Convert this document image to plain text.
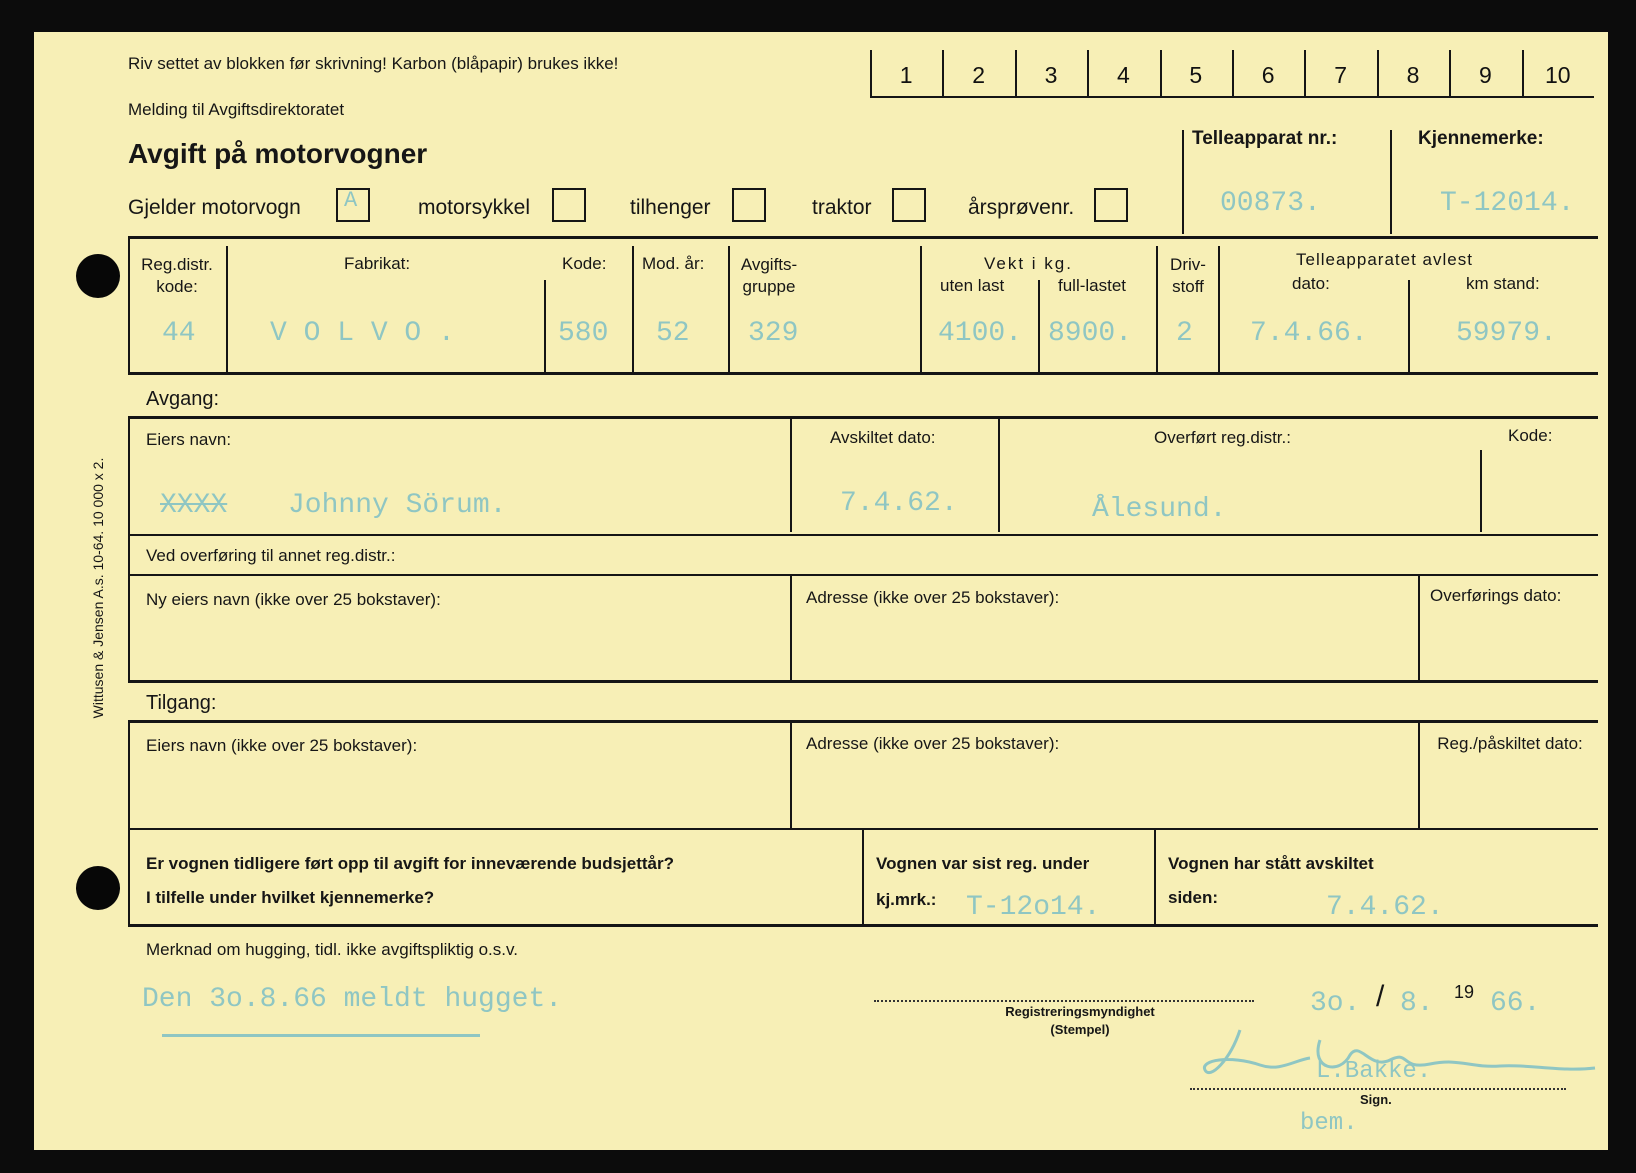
Wittusen & Jensen A.s. 10-64. 10 000 x 2.
Riv settet av blokken før skrivning! Karbon (blåpapir) brukes ikke!
Melding til Avgiftsdirektoratet
Avgift på motorvogner
1	2	3	4	5	6	7	8	9	10
Gjelder motorvogn A	motorsykkel	tilhenger	traktor	årsprøvenr.
Telleapparat nr.:
00873.
Kjennemerke:
T-12014.
Reg.distr. kode:
44
Fabrikat:
V O L V O .
Kode:
580
Mod. år:
52
Avgifts- gruppe
329
Vekt i kg.
uten last
4100.
full-lastet
8900.
Driv- stoff
2
Telleapparatet avlest
dato:
7.4.66.
km stand:
59979.
Avgang:
Eiers navn:
XXXX Johnny Sörum.
Avskiltet dato:
7.4.62.
Overført reg.distr.:
Ålesund.
Kode:
Ved overføring til annet reg.distr.:
Ny eiers navn (ikke over 25 bokstaver):	Adresse (ikke over 25 bokstaver):	Overførings dato:
Tilgang:
Eiers navn (ikke over 25 bokstaver):	Adresse (ikke over 25 bokstaver):	Reg./påskiltet dato:
Er vognen tidligere ført opp til avgift for inneværende budsjettår?
I tilfelle under hvilket kjennemerke?
Vognen var sist reg. under
kj.mrk.: T-12o14.
Vognen har stått avskiltet
siden:	7.4.62.
Merknad om hugging, tidl. ikke avgiftspliktig o.s.v.
Den 3o.8.66 meldt hugget.	Registreringsmyndighet
(Stempel)
3o. / 8. 19 66.
L.Bakke.
Sign.
bem.
